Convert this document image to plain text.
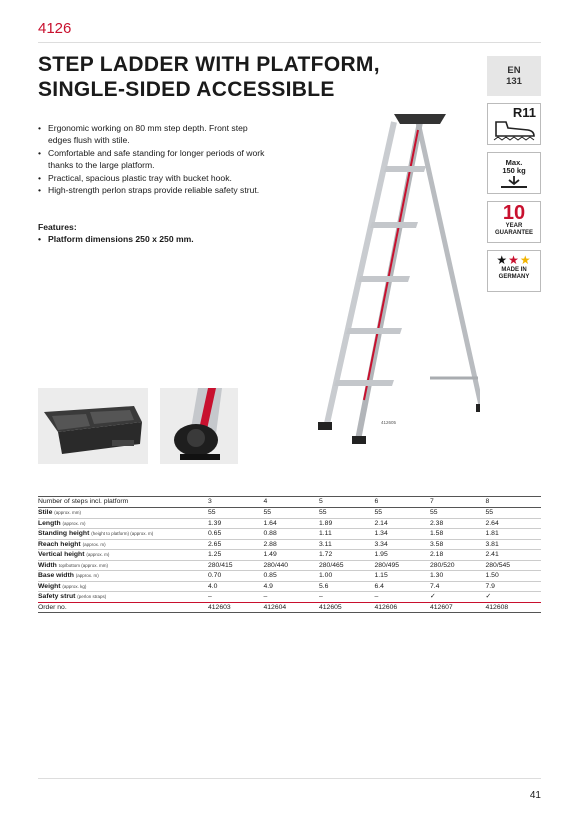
4126
STEP LADDER WITH PLATFORM,
SINGLE-SIDED ACCESSIBLE
• Ergonomic working on 80 mm step depth. Front step edges flush with stile.
• Comfortable and safe standing for longer periods of work thanks to the large platform.
• Practical, spacious plastic tray with bucket hook.
• High-strength perlon straps provide reliable safety strut.
Features:
• Platform dimensions 250 x 250 mm.
412605
EN
131
R11
Max.
150 kg
10
YEAR
GUARANTEE
★★★
MADE IN
GERMANY
Number of steps incl. platform	3	4	5	6	7	8
Stile (approx. mm)	55	55	55	55	55	55
Length (approx. m)	1.39	1.64	1.89	2.14	2.38	2.64
Standing height (height to platform) (approx. m)	0.65	0.88	1.11	1.34	1.58	1.81
Reach height (approx. m)	2.65	2.88	3.11	3.34	3.58	3.81
Vertical height (approx. m)	1.25	1.49	1.72	1.95	2.18	2.41
Width top/bottom (approx. mm)	280/415	280/440	280/465	280/495	280/520	280/545
Base width (approx. m)	0.70	0.85	1.00	1.15	1.30	1.50
Weight (approx. kg)	4.0	4.9	5.6	6.4	7.4	7.9
Safety strut (perlon straps)	–	–	–	–	✓	✓
Order no.	412603	412604	412605	412606	412607	412608
41
